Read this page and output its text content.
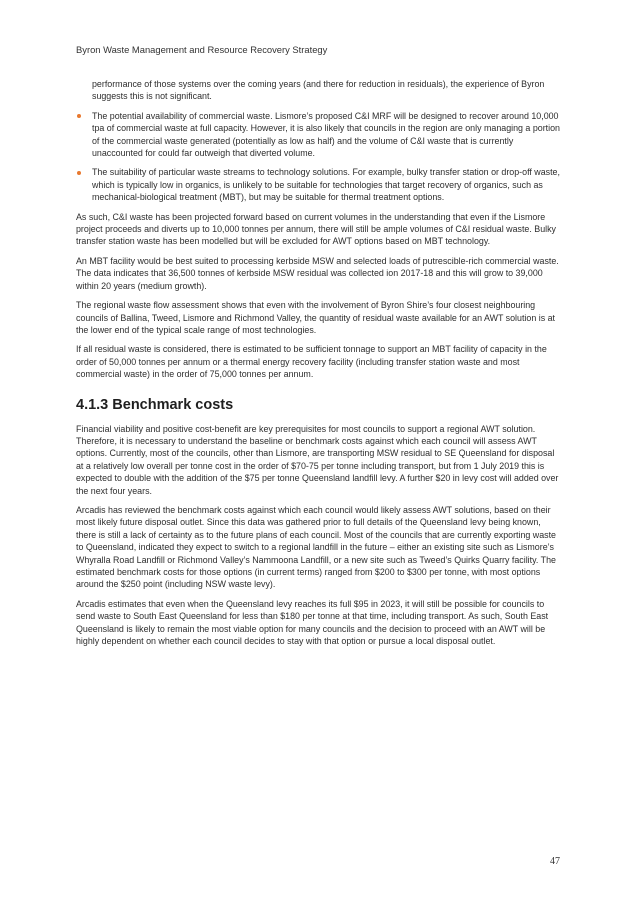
Byron Waste Management and Resource Recovery Strategy

performance of those systems over the coming years (and there for reduction in residuals), the experience of Byron suggests this is not significant.

The potential availability of commercial waste. Lismore’s proposed C&I MRF will be designed to recover around 10,000 tpa of commercial waste at full capacity. However, it is also likely that councils in the region are only managing a portion of the commercial waste generated (potentially as low as half) and the volume of C&I waste that is currently unaccounted for could far outweigh that diverted volume.
The suitability of particular waste streams to technology solutions. For example, bulky transfer station or drop-off waste, which is typically low in organics, is unlikely to be suitable for technologies that target recovery of organics, such as mechanical-biological treatment (MBT), but may be suitable for thermal treatment options.

As such, C&I waste has been projected forward based on current volumes in the understanding that even if the Lismore project proceeds and diverts up to 10,000 tonnes per annum, there will still be ample volumes of C&I residual waste. Bulky transfer station waste has been modelled but will be excluded for AWT options based on MBT technology.

An MBT facility would be best suited to processing kerbside MSW and selected loads of putrescible-rich commercial waste. The data indicates that 36,500 tonnes of kerbside MSW residual was collected ion 2017-18 and this will grow to 39,000 within 20 years (medium growth).

The regional waste flow assessment shows that even with the involvement of Byron Shire’s four closest neighbouring councils of Ballina, Tweed, Lismore and Richmond Valley, the quantity of residual waste available for an AWT solution is at the lower end of the typical scale range of most technologies.

If all residual waste is considered, there is estimated to be sufficient tonnage to support an MBT facility of capacity in the order of 50,000 tonnes per annum or a thermal energy recovery facility (including transfer station waste and most commercial waste) in the order of 75,000 tonnes per annum.

4.1.3 Benchmark costs

Financial viability and positive cost-benefit are key prerequisites for most councils to support a regional AWT solution. Therefore, it is necessary to understand the baseline or benchmark costs against which each council will assess AWT options. Currently, most of the councils, other than Lismore, are transporting MSW residual to SE Queensland for disposal at a relatively low overall per tonne cost in the order of $70-75 per tonne including transport, but from 1 July 2019 this is expected to double with the addition of the $75 per tonne Queensland landfill levy. A further $20 in levy cost will added over the next four years.

Arcadis has reviewed the benchmark costs against which each council would likely assess AWT solutions, based on their most likely future disposal outlet. Since this data was gathered prior to full details of the Queensland levy being known, there is still a lack of certainty as to the future plans of each council. Most of the councils that are currently exporting waste to Queensland, indicated they expect to switch to a regional landfill in the future – either an existing site such as Lismore’s Whyralla Road Landfill or Richmond Valley’s Nammoona Landfill, or a new site such as Tweed’s Quirks Quarry facility. The estimated benchmark costs for those options (in current terms) ranged from $200 to $300 per tonne, with most options around the $250 point (including NSW waste levy).

Arcadis estimates that even when the Queensland levy reaches its full $95 in 2023, it will still be possible for councils to send waste to South East Queensland for less than $180 per tonne at that time, including transport. As such, South East Queensland is likely to remain the most viable option for many councils and the decision to proceed with an AWT will be highly dependent on whether each council decides to stay with that option or pursue a local disposal outlet.

47
